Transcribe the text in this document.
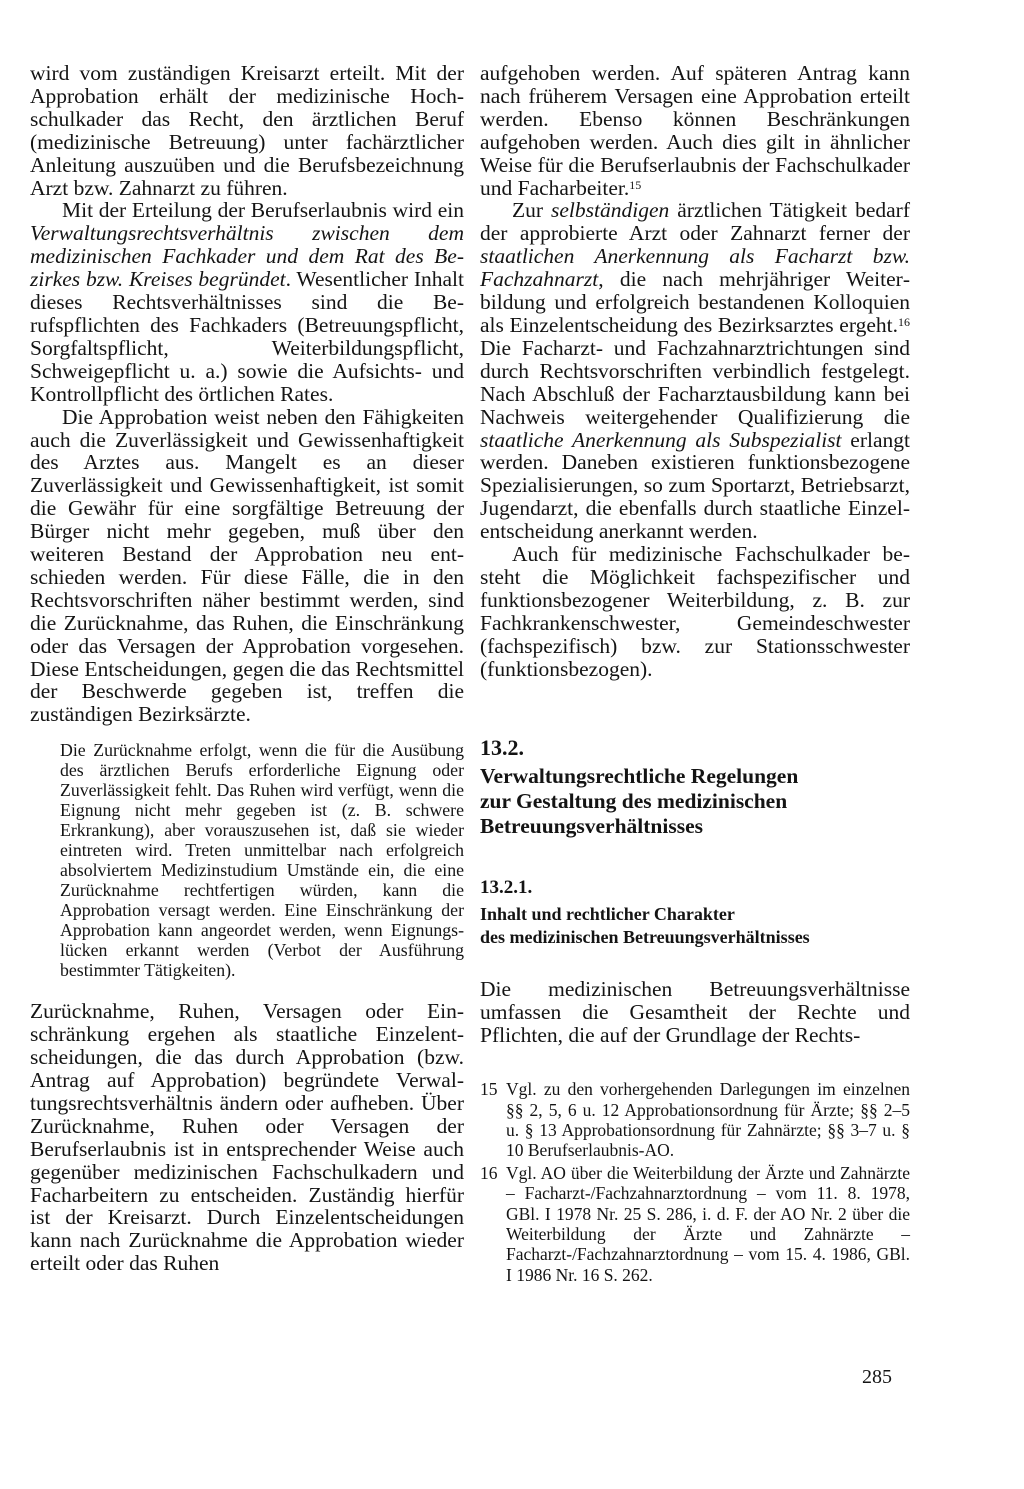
wird vom zuständigen Kreisarzt erteilt. Mit der Approbation erhält der medizinische Hochschulkader das Recht, den ärztlichen Beruf (medizinische Betreuung) unter fachärztlicher Anleitung auszuüben und die Berufsbezeichnung Arzt bzw. Zahnarzt zu führen.

Mit der Erteilung der Berufserlaubnis wird ein Verwaltungsrechtsverhältnis zwischen dem medizinischen Fachkader und dem Rat des Bezirkes bzw. Kreises begründet. Wesentlicher Inhalt dieses Rechtsverhältnisses sind die Berufspflichten des Fachkaders (Betreuungspflicht, Sorgfaltspflicht, Weiterbildungspflicht, Schweigepflicht u. a.) sowie die Aufsichts- und Kontrollpflicht des örtlichen Rates.

Die Approbation weist neben den Fähigkeiten auch die Zuverlässigkeit und Gewissenhaftigkeit des Arztes aus. Mangelt es an dieser Zuverlässigkeit und Gewissenhaftigkeit, ist somit die Gewähr für eine sorgfältige Betreuung der Bürger nicht mehr gegeben, muß über den weiteren Bestand der Approbation neu entschieden werden. Für diese Fälle, die in den Rechtsvorschriften näher bestimmt werden, sind die Zurücknahme, das Ruhen, die Einschränkung oder das Versagen der Approbation vorgesehen. Diese Entscheidungen, gegen die das Rechtsmittel der Beschwerde gegeben ist, treffen die zuständigen Bezirksärzte.

Die Zurücknahme erfolgt, wenn die für die Ausübung des ärztlichen Berufs erforderliche Eignung oder Zuverlässigkeit fehlt. Das Ruhen wird verfügt, wenn die Eignung nicht mehr gegeben ist (z. B. schwere Erkrankung), aber vorauszusehen ist, daß sie wieder eintreten wird. Treten unmittelbar nach erfolgreich absolviertem Medizinstudium Umstände ein, die eine Zurücknahme rechtfertigen würden, kann die Approbation versagt werden. Eine Einschränkung der Approbation kann angeordet werden, wenn Eignungslücken erkannt werden (Verbot der Ausführung bestimmter Tätigkeiten).

Zurücknahme, Ruhen, Versagen oder Einschränkung ergehen als staatliche Einzelentscheidungen, die das durch Approbation (bzw. Antrag auf Approbation) begründete Verwaltungsrechtsverhältnis ändern oder aufheben. Über Zurücknahme, Ruhen oder Versagen der Berufserlaubnis ist in entsprechender Weise auch gegenüber medizinischen Fachschulkadern und Facharbeitern zu entscheiden. Zuständig hierfür ist der Kreisarzt. Durch Einzelentscheidungen kann nach Zurücknahme die Approbation wieder erteilt oder das Ruhen

aufgehoben werden. Auf späteren Antrag kann nach früherem Versagen eine Approbation erteilt werden. Ebenso können Beschränkungen aufgehoben werden. Auch dies gilt in ähnlicher Weise für die Berufserlaubnis der Fachschulkader und Facharbeiter.$^{15}$

Zur selbständigen ärztlichen Tätigkeit bedarf der approbierte Arzt oder Zahnarzt ferner der staatlichen Anerkennung als Facharzt bzw. Fachzahnarzt, die nach mehrjähriger Weiterbildung und erfolgreich bestandenen Kolloquien als Einzelentscheidung des Bezirksarztes ergeht.$^{16}$ Die Facharzt- und Fachzahnarztrichtungen sind durch Rechtsvorschriften verbindlich festgelegt. Nach Abschluß der Facharztausbildung kann bei Nachweis weitergehender Qualifizierung die staatliche Anerkennung als Subspezialist erlangt werden. Daneben existieren funktionsbezogene Spezialisierungen, so zum Sportarzt, Betriebsarzt, Jugendarzt, die ebenfalls durch staatliche Einzelentscheidung anerkannt werden.

Auch für medizinische Fachschulkader besteht die Möglichkeit fachspezifischer und funktionsbezogener Weiterbildung, z. B. zur Fachkrankenschwester, Gemeindeschwester (fachspezifisch) bzw. zur Stationsschwester (funktionsbezogen).

13.2.

Verwaltungsrechtliche Regelungen
zur Gestaltung des medizinischen
Betreuungsverhältnisses

13.2.1.

Inhalt und rechtlicher Charakter
des medizinischen Betreuungsverhältnisses

Die medizinischen Betreuungsverhältnisse umfassen die Gesamtheit der Rechte und Pflichten, die auf der Grundlage der Rechts-

15 Vgl. zu den vorhergehenden Darlegungen im einzelnen §§ 2, 5, 6 u. 12 Approbationsordnung für Ärzte; §§ 2–5 u. § 13 Approbationsordnung für Zahnärzte; §§ 3–7 u. § 10 Berufserlaubnis-AO.
16 Vgl. AO über die Weiterbildung der Ärzte und Zahnärzte – Facharzt-/Fachzahnarztordnung – vom 11. 8. 1978, GBl. I 1978 Nr. 25 S. 286, i. d. F. der AO Nr. 2 über die Weiterbildung der Ärzte und Zahnärzte – Facharzt-/Fachzahnarztordnung – vom 15. 4. 1986, GBl. I 1986 Nr. 16 S. 262.
285
